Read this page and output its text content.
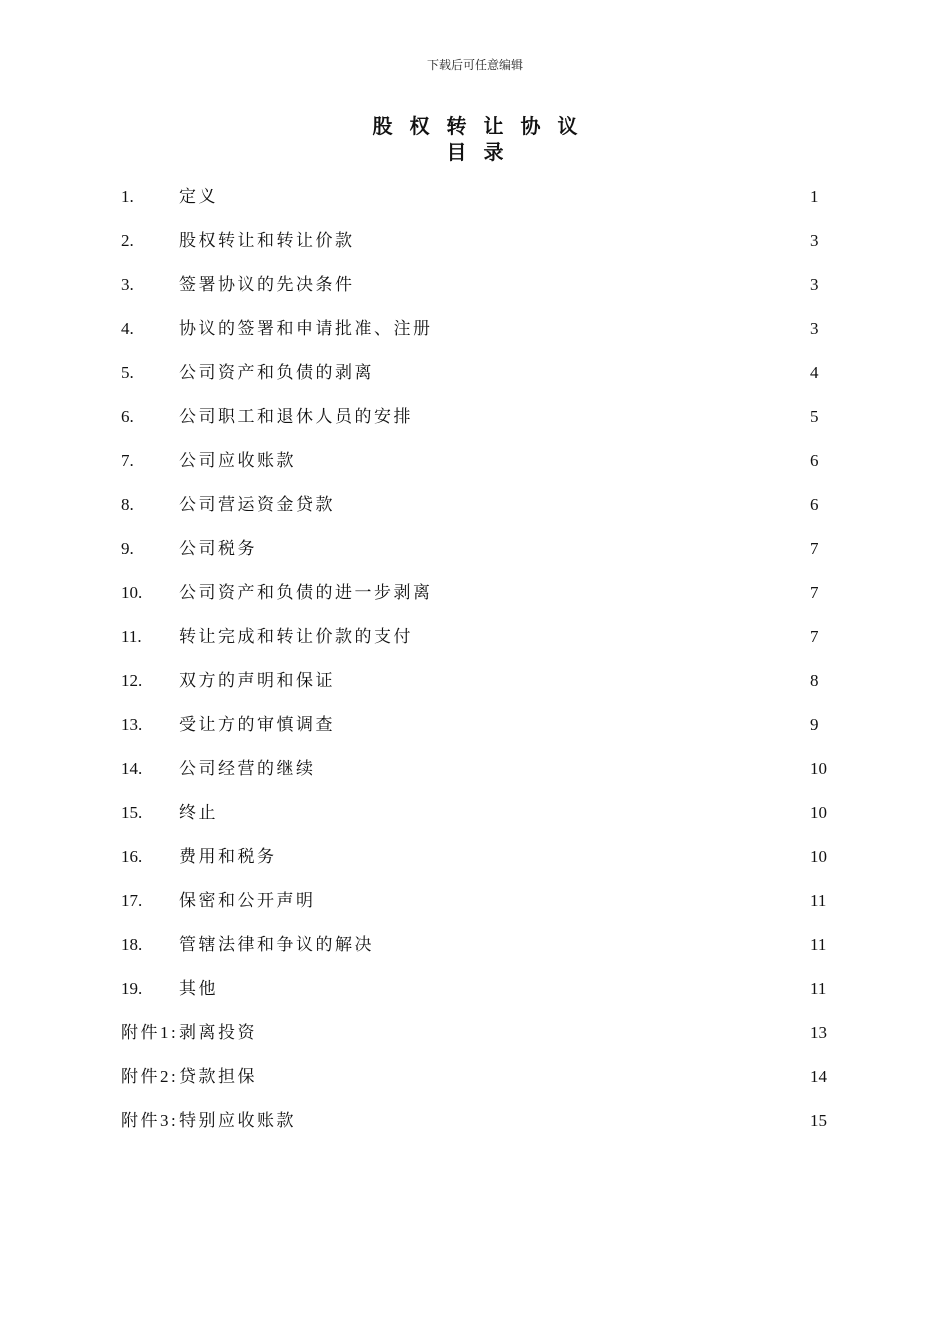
下载后可任意编辑
股权转让协议
目录
1.	定义	1
2.	股权转让和转让价款	3
3.	签署协议的先决条件	3
4.	协议的签署和申请批准、注册	3
5.	公司资产和负债的剥离	4
6.	公司职工和退休人员的安排	5
7.	公司应收账款	6
8.	公司营运资金贷款	6
9.	公司税务	7
10. 公司资产和负债的进一步剥离	7
11. 转让完成和转让价款的支付	7
12. 双方的声明和保证	8
13. 受让方的审慎调查	9
14. 公司经营的继续	10
15. 终止	10
16. 费用和税务	10
17. 保密和公开声明	11
18. 管辖法律和争议的解决	11
19. 其他	11
附件1: 剥离投资	13
附件2: 贷款担保	14
附件3: 特别应收账款	15
